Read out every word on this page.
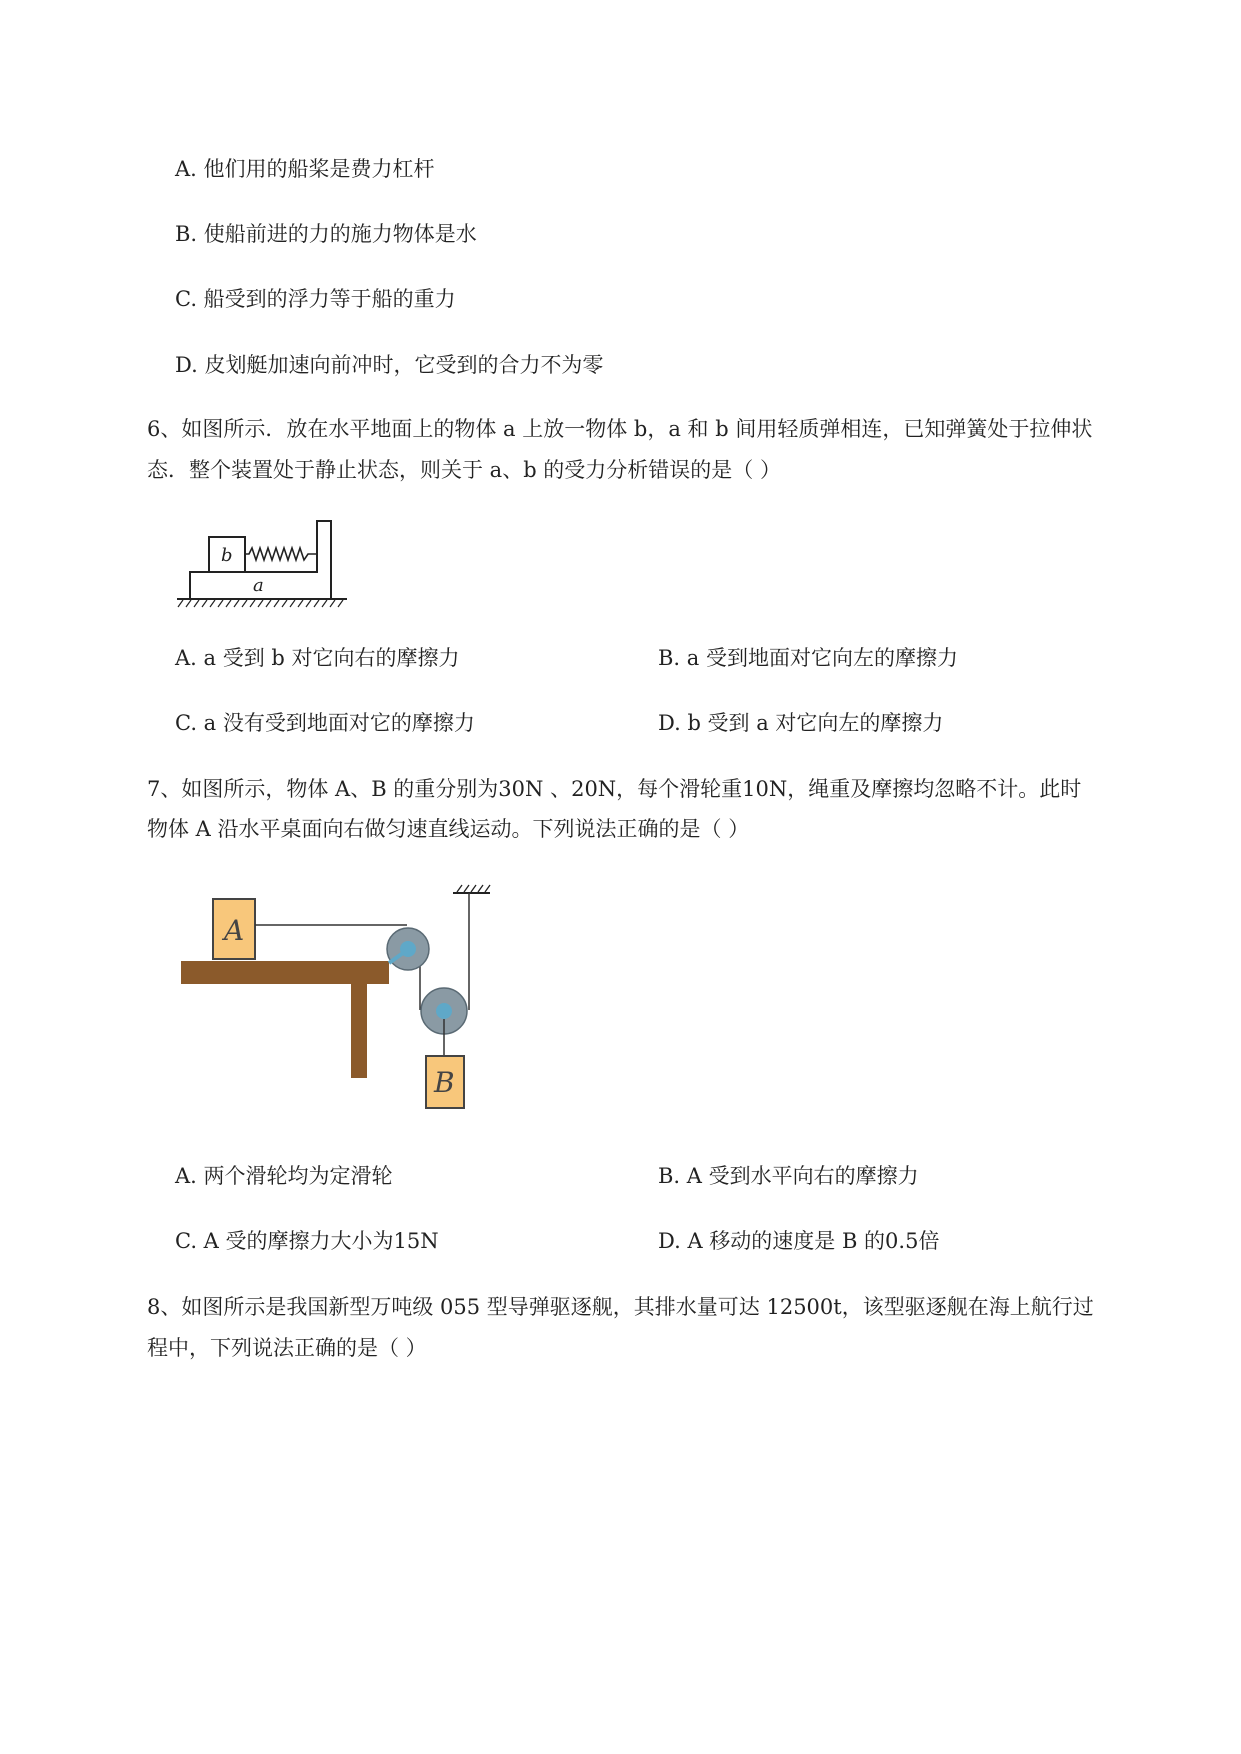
A. 他们用的船桨是费力杠杆
B. 使船前进的力的施力物体是水
C. 船受到的浮力等于船的重力
D. 皮划艇加速向前冲时，它受到的合力不为零
6、如图所示．放在水平地面上的物体 a 上放一物体 b，a 和 b 间用轻质弹相连，已知弹簧处于拉伸状
态．整个装置处于静止状态，则关于 a、b 的受力分析错误的是（ ）
b
a
A. a 受到 b 对它向右的摩擦力	B. a 受到地面对它向左的摩擦力
C. a 没有受到地面对它的摩擦力	D. b 受到 a 对它向左的摩擦力
7、如图所示，物体 A、B 的重分别为30N 、20N，每个滑轮重10N，绳重及摩擦均忽略不计。此时
物体 A 沿水平桌面向右做匀速直线运动。下列说法正确的是（ ）
A
B
A. 两个滑轮均为定滑轮	B. A 受到水平向右的摩擦力
C. A 受的摩擦力大小为15N	D. A 移动的速度是 B 的0.5倍
8、如图所示是我国新型万吨级 055 型导弹驱逐舰，其排水量可达 12500t，该型驱逐舰在海上航行过
程中，下列说法正确的是（ ）
